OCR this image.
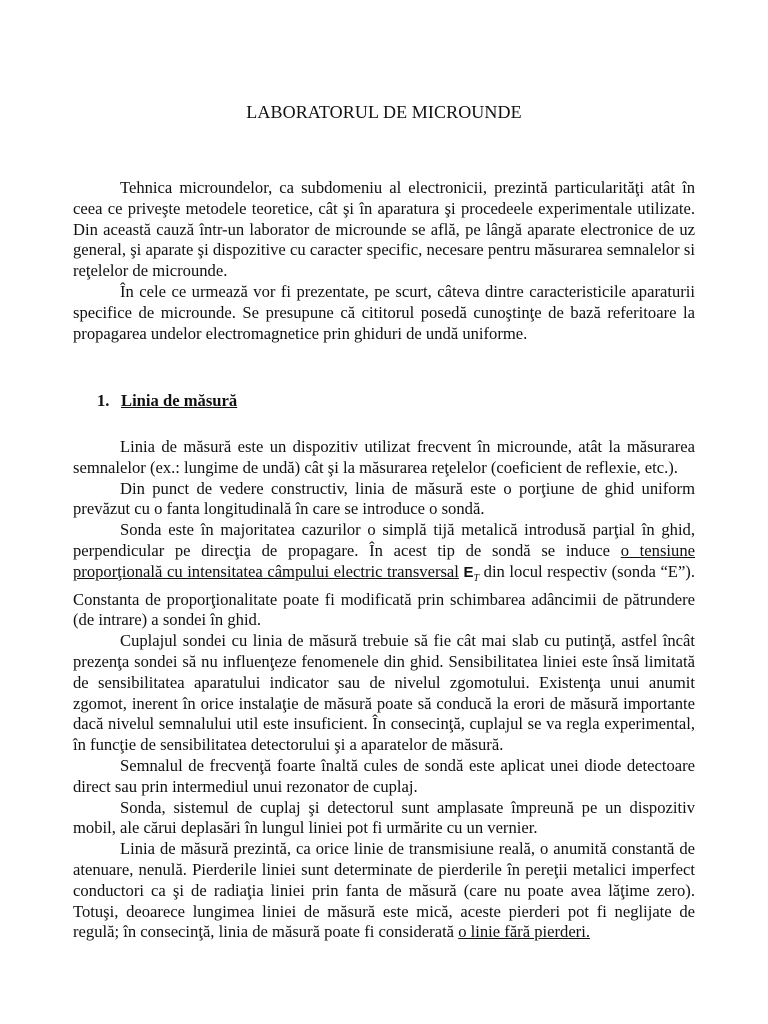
LABORATORUL DE MICROUNDE

Tehnica microundelor, ca subdomeniu al electronicii, prezintă particularităţi atât în ceea ce priveşte metodele teoretice, cât şi în aparatura şi procedeele experimentale utilizate. Din această cauză într-un laborator de microunde se află, pe lângă aparate electronice de uz general, şi aparate şi dispozitive cu caracter specific, necesare pentru măsurarea semnalelor si reţelelor de microunde.

În cele ce urmează vor fi prezentate, pe scurt, câteva dintre caracteristicile aparaturii specifice de microunde. Se presupune că cititorul posedă cunoştinţe de bază referitoare la propagarea undelor electromagnetice prin ghiduri de undă uniforme.

1. Linia de măsură

Linia de măsură este un dispozitiv utilizat frecvent în microunde, atât la măsurarea semnalelor (ex.: lungime de undă) cât şi la măsurarea reţelelor (coeficient de reflexie, etc.).

Din punct de vedere constructiv, linia de măsură este o porţiune de ghid uniform prevăzut cu o fanta longitudinală în care se introduce o sondă.

Sonda este în majoritatea cazurilor o simplă tijă metalică introdusă parţial în ghid, perpendicular pe direcţia de propagare. În acest tip de sondă se induce o tensiune proporţională cu intensitatea câmpului electric transversal $E_T$ din locul respectiv (sonda “E”). Constanta de proporţionalitate poate fi modificată prin schimbarea adâncimii de pătrundere (de intrare) a sondei în ghid.

Cuplajul sondei cu linia de măsură trebuie să fie cât mai slab cu putinţă, astfel încât prezenţa sondei să nu influenţeze fenomenele din ghid. Sensibilitatea liniei este însă limitată de sensibilitatea aparatului indicator sau de nivelul zgomotului. Existenţa unui anumit zgomot, inerent în orice instalaţie de măsură poate să conducă la erori de măsură importante dacă nivelul semnalului util este insuficient. În consecinţă, cuplajul se va regla experimental, în funcţie de sensibilitatea detectorului şi a aparatelor de măsură.

Semnalul de frecvenţă foarte înaltă cules de sondă este aplicat unei diode detectoare direct sau prin intermediul unui rezonator de cuplaj.

Sonda, sistemul de cuplaj şi detectorul sunt amplasate împreună pe un dispozitiv mobil, ale cărui deplasări în lungul liniei pot fi urmărite cu un vernier.

Linia de măsură prezintă, ca orice linie de transmisiune reală, o anumită constantă de atenuare, nenulă. Pierderile liniei sunt determinate de pierderile în pereţii metalici imperfect conductori ca şi de radiaţia liniei prin fanta de măsură (care nu poate avea lăţime zero). Totuşi, deoarece lungimea liniei de măsură este mică, aceste pierderi pot fi neglijate de regulă; în consecinţă, linia de măsură poate fi considerată o linie fără pierderi.
